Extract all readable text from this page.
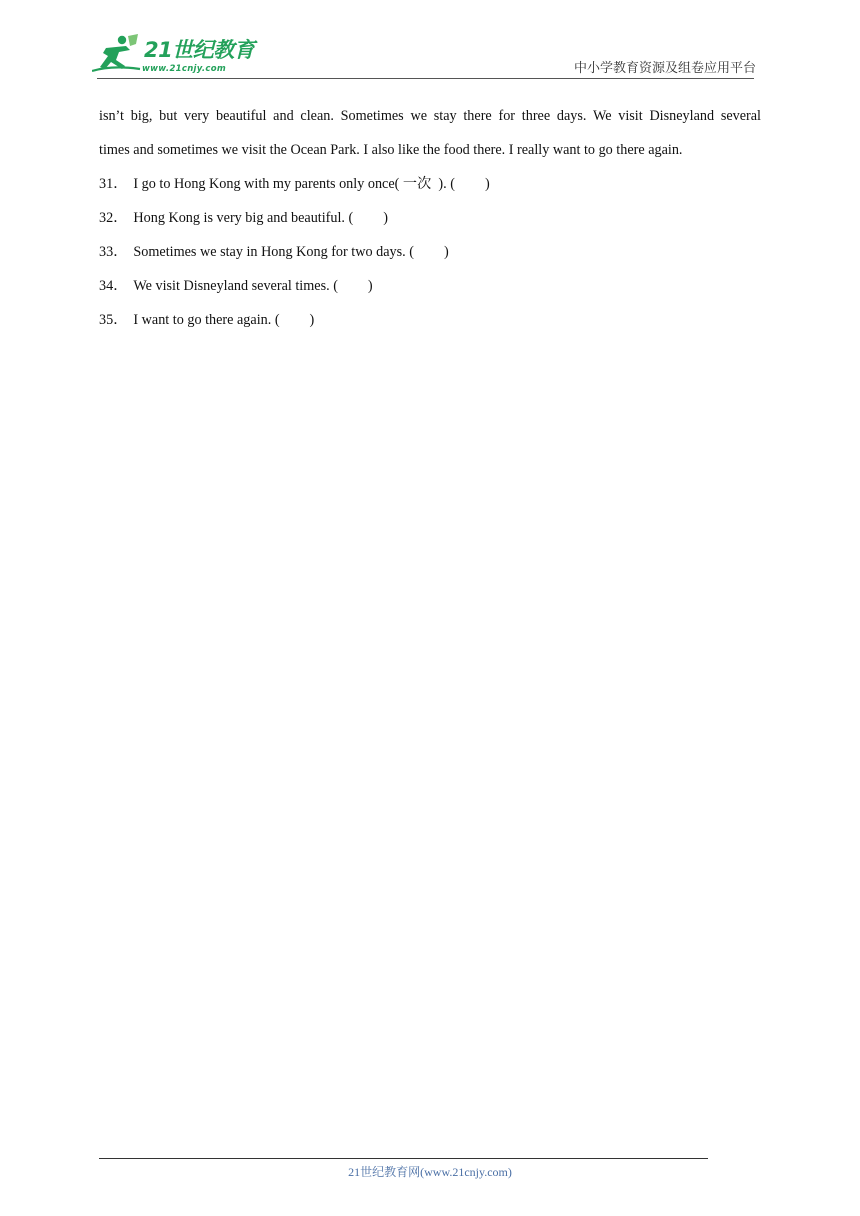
21世纪教育
www.21cnjy.com	中小学教育资源及组卷应用平台
isn’t big, but very beautiful and clean. Sometimes we stay there for three days. We visit Disneyland several
times and sometimes we visit the Ocean Park. I also like the food there. I really want to go there again.
31． I go to Hong Kong with my parents only once( 一次 ). ( )
32． Hong Kong is very big and beautiful. ( )
33． Sometimes we stay in Hong Kong for two days. ( )
34． We visit Disneyland several times. ( )
35． I want to go there again. ( )
21世纪教育网(www.21cnjy.com)
